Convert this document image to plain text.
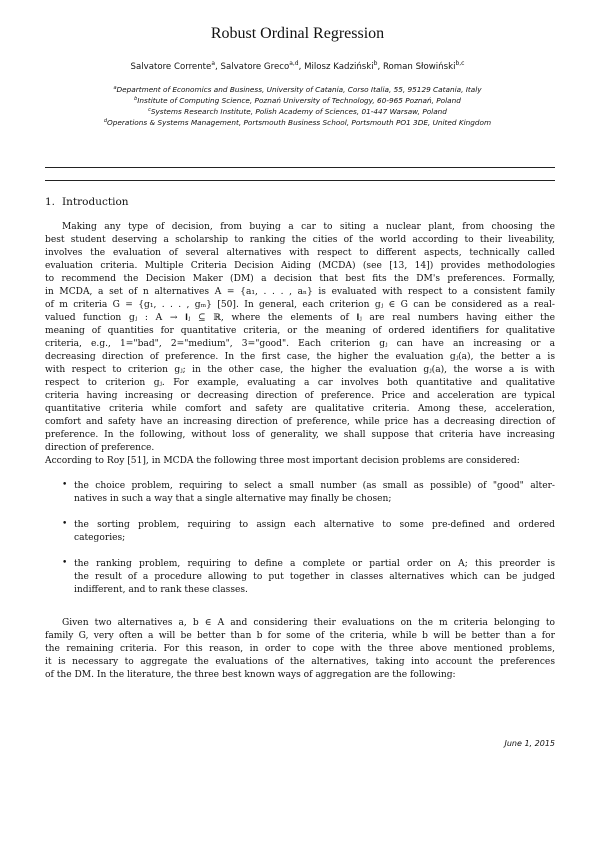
Robust Ordinal Regression
Salvatore Corrente$^a$, Salvatore Greco$^{a,d}$, Milosz Kadziński$^b$, Roman Słowiński$^{b,c}$
$^a$Department of Economics and Business, University of Catania, Corso Italia, 55, 95129 Catania, Italy
$^b$Institute of Computing Science, Poznań University of Technology, 60-965 Poznań, Poland
$^c$Systems Research Institute, Polish Academy of Sciences, 01-447 Warsaw, Poland
$^d$Operations & Systems Management, Portsmouth Business School, Portsmouth PO1 3DE, United Kingdom
1. Introduction
Making any type of decision, from buying a car to siting a nuclear plant, from choosing the
best student deserving a scholarship to ranking the cities of the world according to their liveability,
involves the evaluation of several alternatives with respect to different aspects, technically called
evaluation criteria. Multiple Criteria Decision Aiding (MCDA) (see [13, 14]) provides methodologies
to recommend the Decision Maker (DM) a decision that best fits the DM's preferences. Formally,
in MCDA, a set of n alternatives A = {a₁, . . . , aₙ} is evaluated with respect to a consistent family
of m criteria G = {g₁, . . . , gₘ} [50]. In general, each criterion gⱼ ∈ G can be considered as a real-
valued function gⱼ : A → 𝐈ⱼ ⊆ ℝ, where the elements of 𝐈ⱼ are real numbers having either the
meaning of quantities for quantitative criteria, or the meaning of ordered identifiers for qualitative
criteria, e.g., 1="bad", 2="medium", 3="good". Each criterion gⱼ can have an increasing or a
decreasing direction of preference. In the first case, the higher the evaluation gⱼ(a), the better a is
with respect to criterion gⱼ; in the other case, the higher the evaluation gⱼ(a), the worse a is with
respect to criterion gⱼ. For example, evaluating a car involves both quantitative and qualitative
criteria having increasing or decreasing direction of preference. Price and acceleration are typical
quantitative criteria while comfort and safety are qualitative criteria. Among these, acceleration,
comfort and safety have an increasing direction of preference, while price has a decreasing direction of
preference. In the following, without loss of generality, we shall suppose that criteria have increasing
direction of preference.
According to Roy [51], in MCDA the following three most important decision problems are considered:
• the choice problem, requiring to select a small number (as small as possible) of "good" alter-
natives in such a way that a single alternative may finally be chosen;
• the sorting problem, requiring to assign each alternative to some pre-defined and ordered
categories;
• the ranking problem, requiring to define a complete or partial order on A; this preorder is
the result of a procedure allowing to put together in classes alternatives which can be judged
indifferent, and to rank these classes.
Given two alternatives a, b ∈ A and considering their evaluations on the m criteria belonging to
family G, very often a will be better than b for some of the criteria, while b will be better than a for
the remaining criteria. For this reason, in order to cope with the three above mentioned problems,
it is necessary to aggregate the evaluations of the alternatives, taking into account the preferences
of the DM. In the literature, the three best known ways of aggregation are the following:
June 1, 2015
